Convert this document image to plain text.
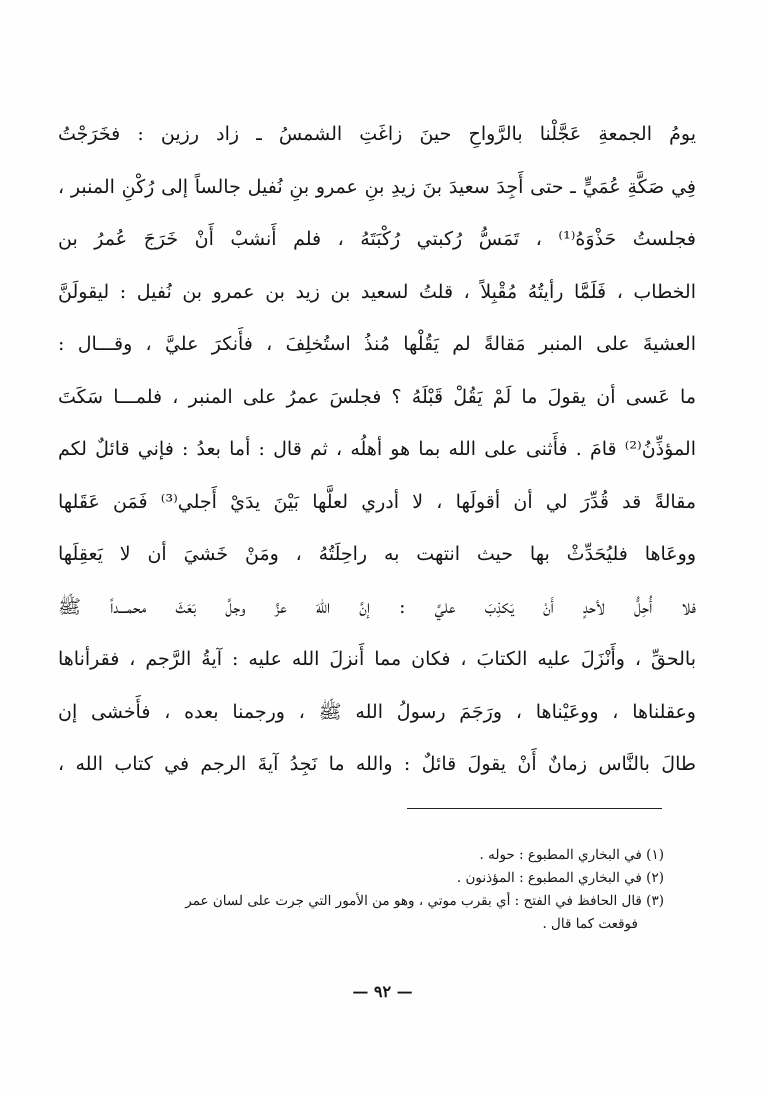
يومُ الجمعةِ عَجَّلْنا بالرَّواحِ حينَ زاغَتِ الشمسُ ـ زاد رزين : فخَرَجْتُ
فِي صَكَّةِ عُمَيٍّ ـ حتى أَجِدَ سعيدَ بنَ زيدِ بنِ عمرو بنِ نُفيل جالساً إلى رُكْنِ المنبر ،
فجلستُ حَذْوَهُ⁽¹⁾ ، تَمَسُّ رُكبتي رُكْبَتَهُ ، فلم أَنشبْ أَنْ خَرَجَ عُمرُ بن
الخطاب ، فَلَمَّا رأيتُهُ مُقْبِلاً ، قلتُ لسعيد بن زيد بن عمرو بن نُفيل : ليقولَنَّ
العشيةَ على المنبر مَقالةً لم يَقُلْها مُنذُ استُخلِفَ ، فأَنكرَ عليَّ ، وقـــال :
ما عَسى أن يقولَ ما لَمْ يَقُلْ قَبْلَهُ ؟ فجلسَ عمرُ على المنبر ، فلمـــا سَكَتَ
المؤذِّنُ⁽²⁾ قامَ . فأَثنى على الله بما هو أهلُه ، ثم قال : أما بعدُ : فإني قائلٌ لكم
مقالةً قد قُدِّرَ لي أن أقولَها ، لا أدري لعلَّها بَيْنَ يدَيْ أَجلي⁽³⁾ فَمَن عَقَلها
ووعَاها فليُحَدِّثْ بها حيث انتهت به راحِلَتُهُ ، ومَنْ خَشيَ أن لا يَعقِلَها
فلا أُحِلُّ لأحدٍ أَنْ يَكذِبَ عليَّ : إنَّ اللهَ عزَّ وجلَّ بَعَثَ محمـــداً ﷺ
بالحقِّ ، وأَنْزَلَ عليه الكتابَ ، فكان مما أَنزلَ الله عليه : آيةُ الرَّجم ، فقرأناها
وعقلناها ، ووعَيْناها ، ورَجَمَ رسولُ الله ﷺ ، ورجمنا بعده ، فأَخشى إن
طالَ بالنَّاس زمانٌ أَنْ يقولَ قائلٌ : والله ما نَجِدُ آيةَ الرجم في كتاب الله ،
(١) في البخاري المطبوع : حوله .
(٢) في البخاري المطبوع : المؤذنون .
(٣) قال الحافظ في الفتح : أي بقرب موتي ، وهو من الأمور التي جرت على لسان عمر
فوقعت كما قال .
— ٩٢ —
